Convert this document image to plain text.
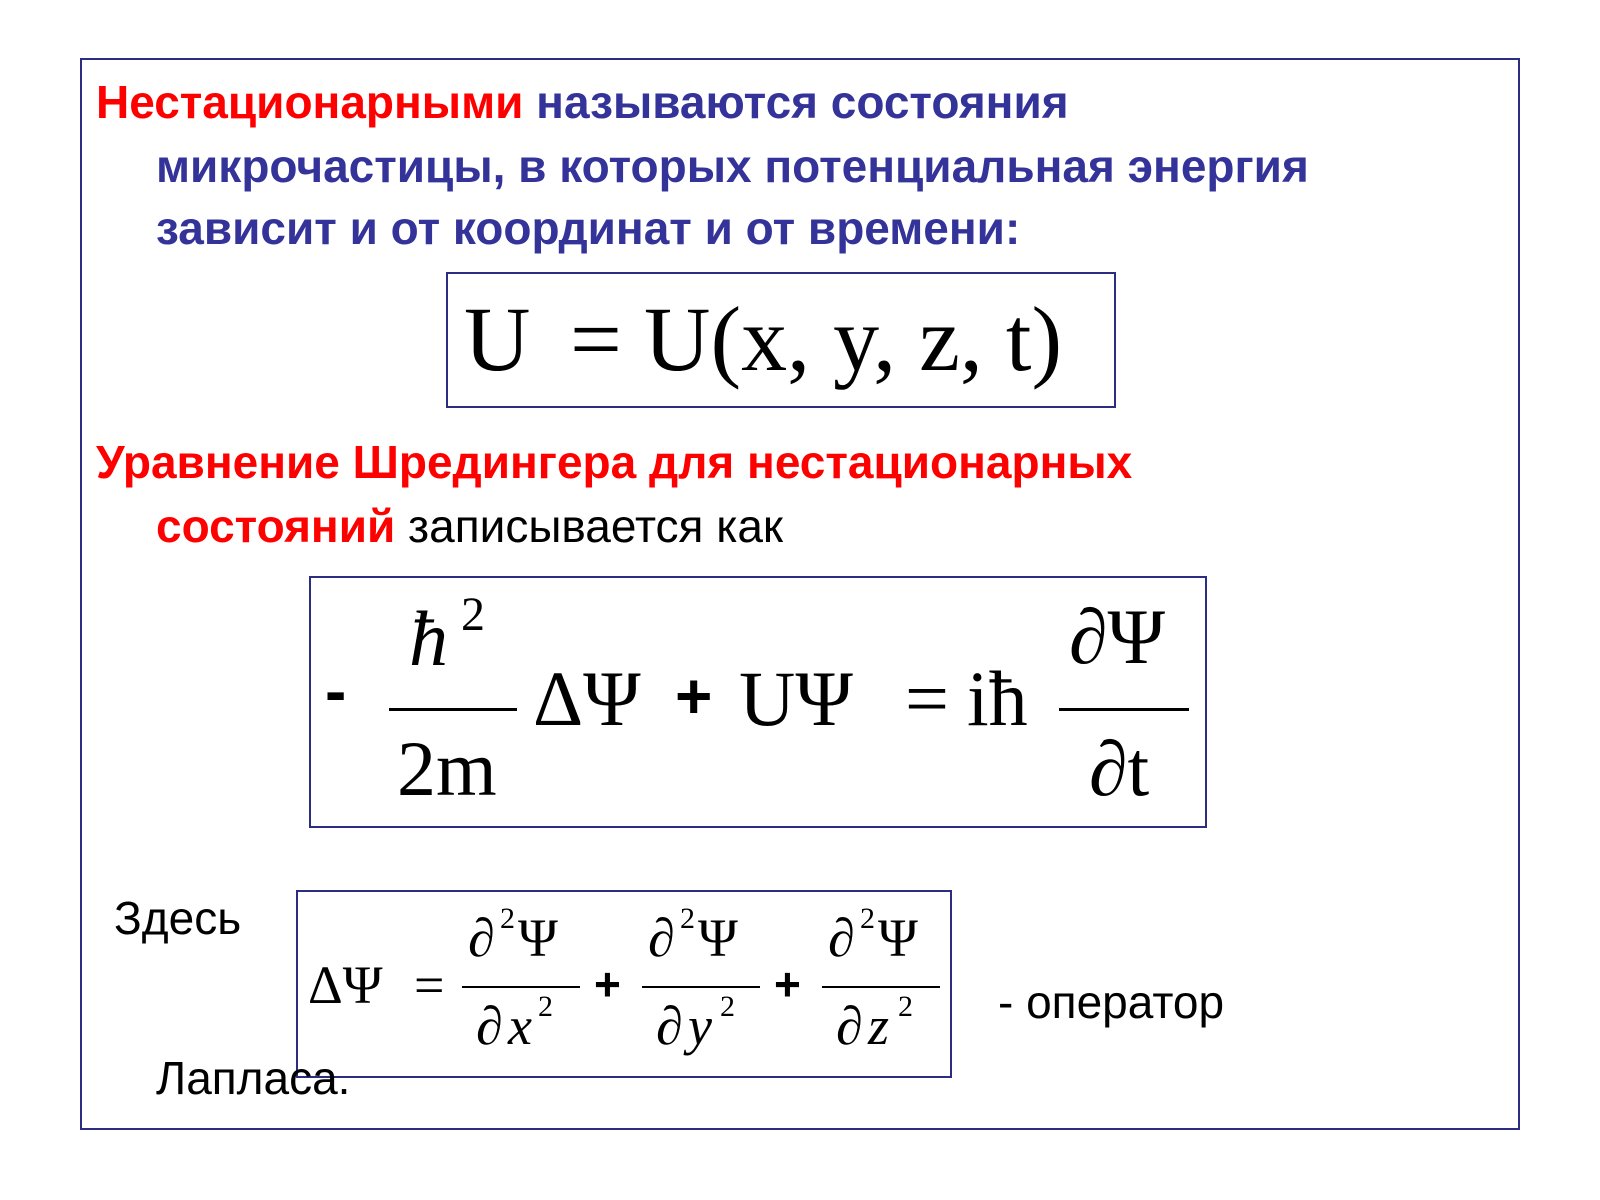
Нестационарными называются состояния
микрочастицы, в которых потенциальная энергия
зависит и от координат и от времени:
U = U(x, y, z, t)
Уравнение Шредингера для нестационарных
состояний записывается как
-
ħ 2
2m
ΔΨ + UΨ = iħ
∂Ψ
∂t
Здесь
- оператор
ΔΨ =
∂ 2 Ψ
∂ x 2 +
∂ 2 Ψ
∂ y 2 +
∂ 2 Ψ
∂ z 2
Лапласа.
